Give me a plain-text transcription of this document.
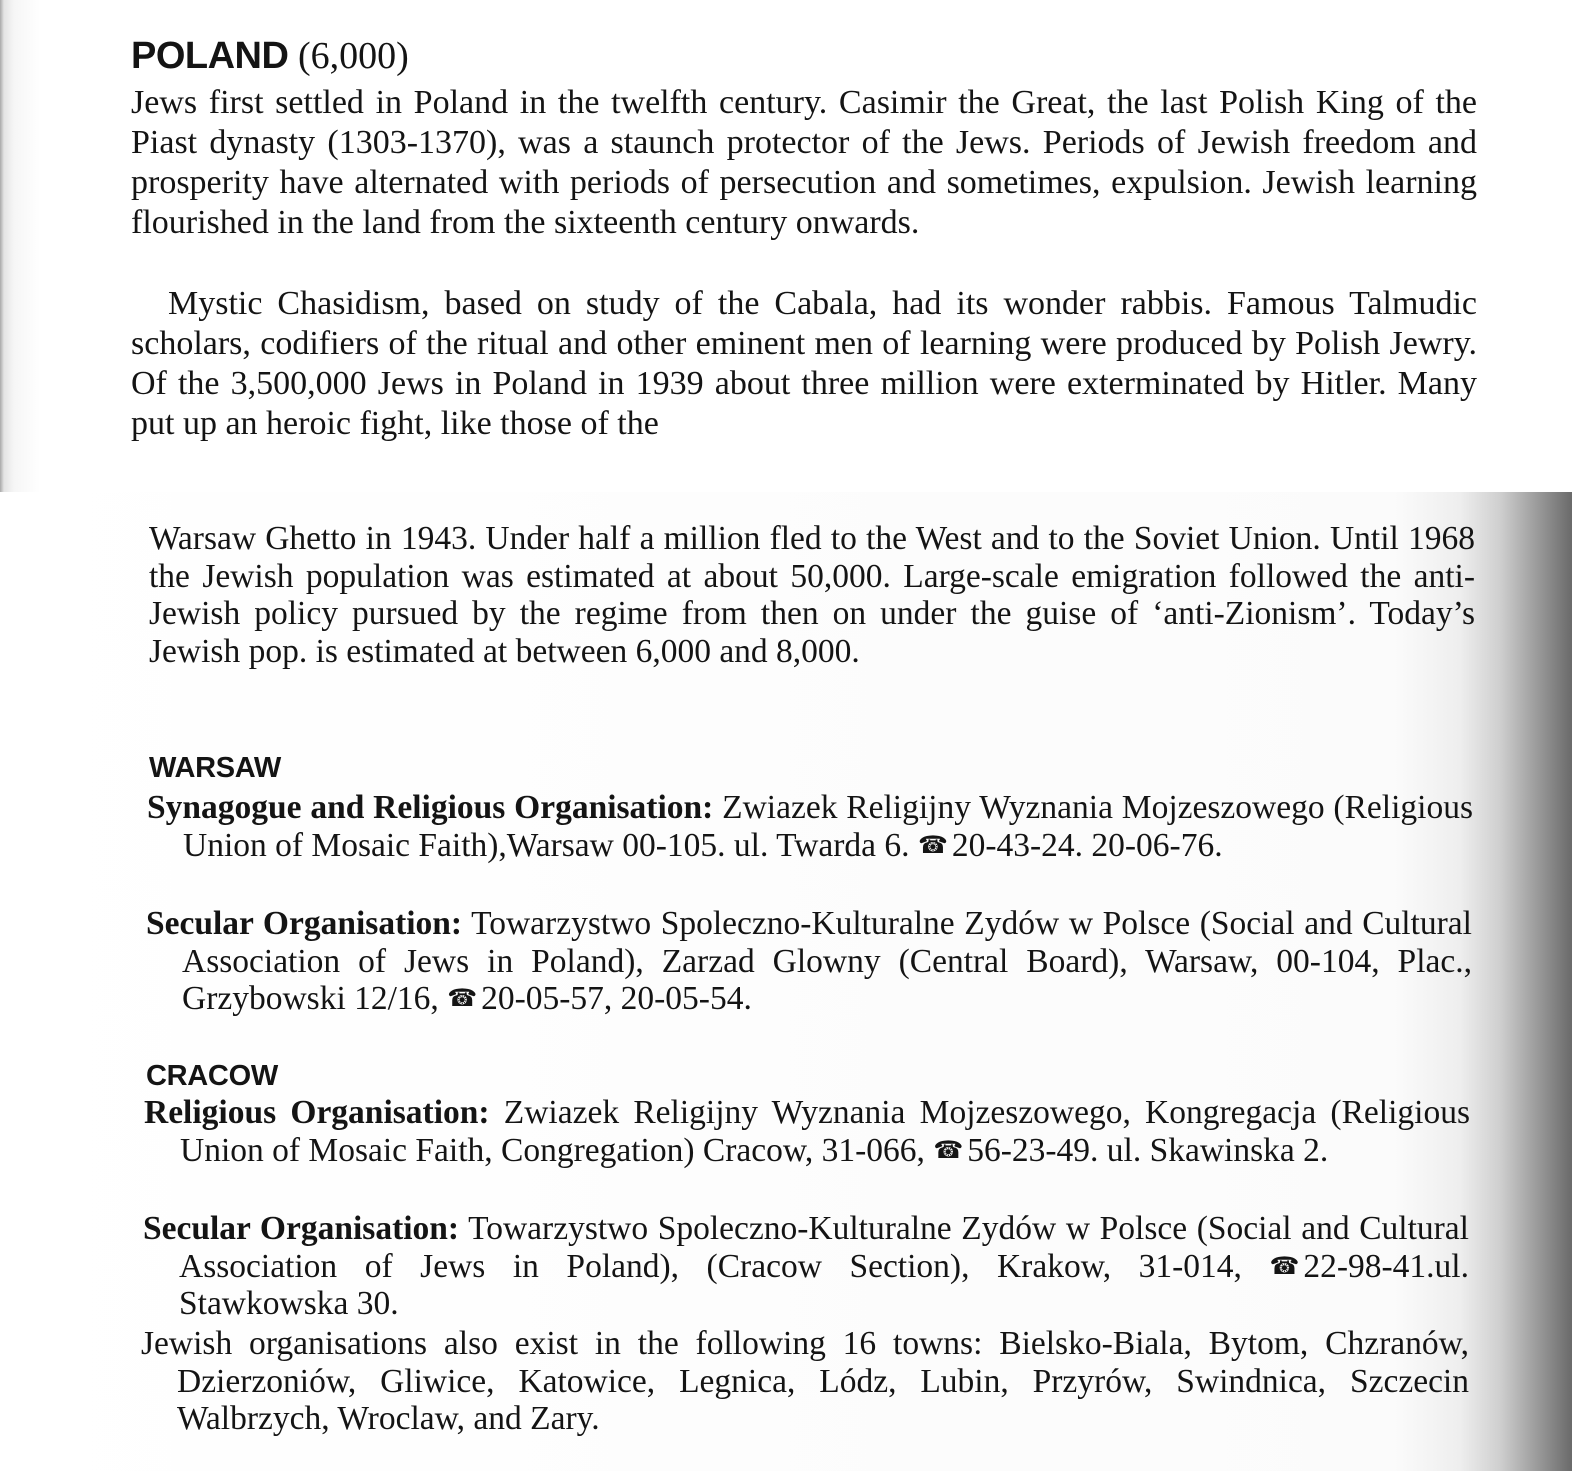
POLAND (6,000)

Jews first settled in Poland in the twelfth century. Casimir the Great, the last Polish King of the Piast dynasty (1303-1370), was a staunch protector of the Jews. Periods of Jewish freedom and prosperity have alternated with periods of persecution and sometimes, expulsion. Jewish learning flourished in the land from the sixteenth century onwards.

Mystic Chasidism, based on study of the Cabala, had its wonder rabbis. Famous Talmudic scholars, codifiers of the ritual and other eminent men of learning were produced by Polish Jewry. Of the 3,500,000 Jews in Poland in 1939 about three million were exterminated by Hitler. Many put up an heroic fight, like those of the

Warsaw Ghetto in 1943. Under half a million fled to the West and to the Soviet Union. Until 1968 the Jewish population was estimated at about 50,000. Large-scale emigration followed the anti-Jewish policy pursued by the regime from then on under the guise of ‘anti-Zionism’. Today’s Jewish pop. is estimated at between 6,000 and 8,000.

WARSAW

Synagogue and Religious Organisation: Zwiazek Religijny Wyznania Mojzeszowego (Religious Union of Mosaic Faith),Warsaw 00-105. ul. Twarda 6. ☎ 20-43-24. 20-06-76.

Secular Organisation: Towarzystwo Spoleczno-Kulturalne Zydów w Polsce (Social and Cultural Association of Jews in Poland), Zarzad Glowny (Central Board), Warsaw, 00-104, Plac., Grzybowski 12/16, ☎ 20-05-57, 20-05-54.

CRACOW

Religious Organisation: Zwiazek Religijny Wyznania Mojzeszowego, Kongregacja (Religious Union of Mosaic Faith, Congregation) Cracow, 31-066, ☎ 56-23-49. ul. Skawinska 2.

Secular Organisation: Towarzystwo Spoleczno-Kulturalne Zydów w Polsce (Social and Cultural Association of Jews in Poland), (Cracow Section), Krakow, 31-014, ☎ 22-98-41.ul. Stawkowska 30.

Jewish organisations also exist in the following 16 towns: Bielsko-Biala, Bytom, Chzranów, Dzierzoniów, Gliwice, Katowice, Legnica, Lódz, Lubin, Przyrów, Swindnica, Szczecin Walbrzych, Wroclaw, and Zary.
